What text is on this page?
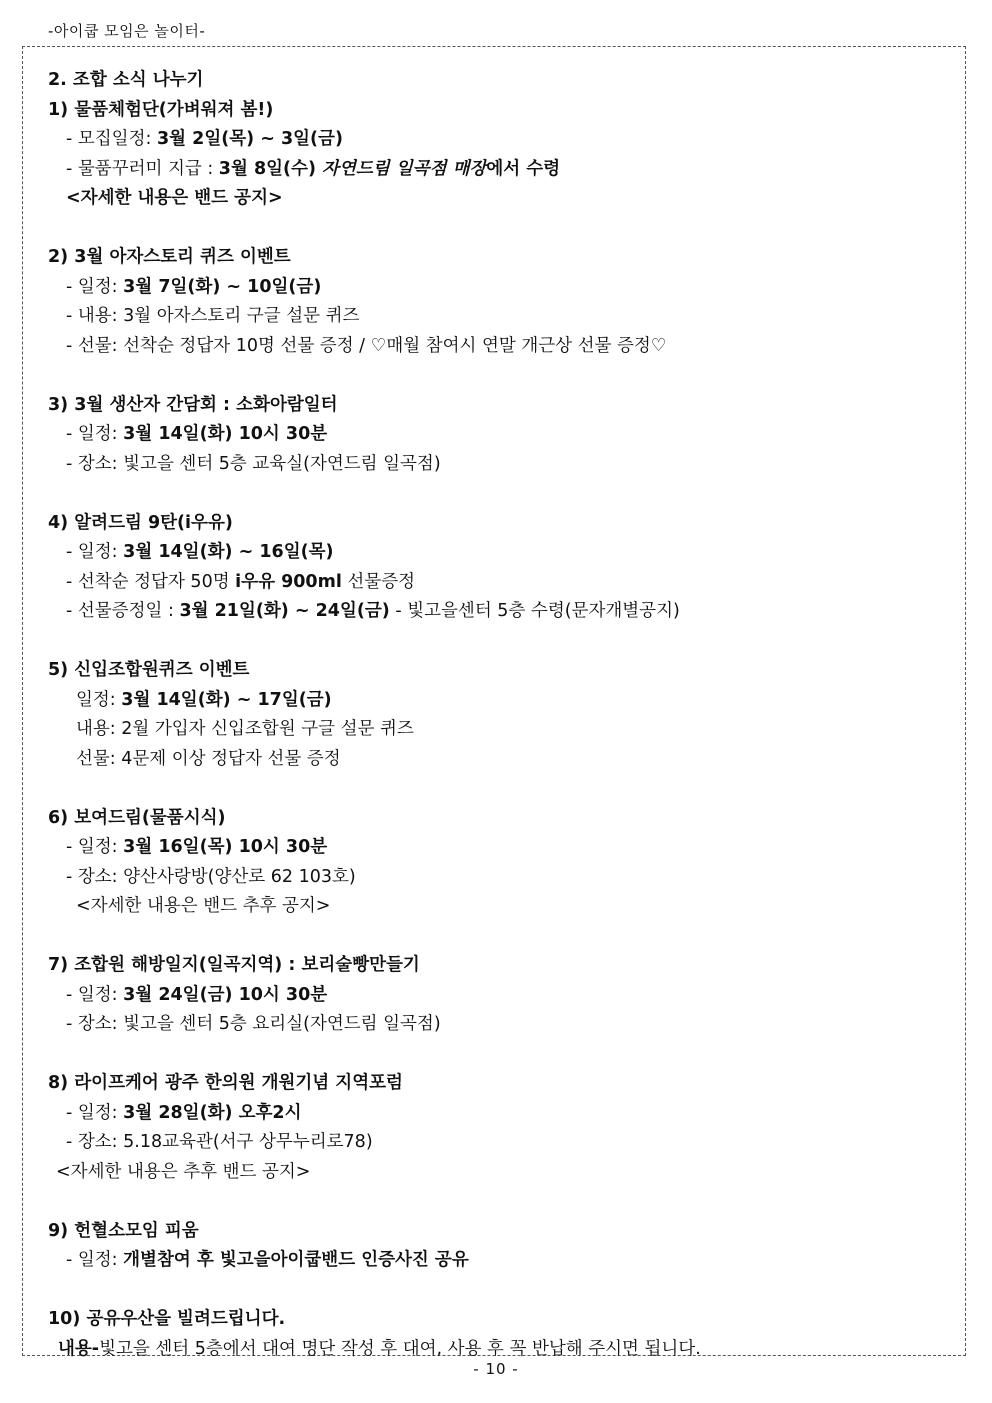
-아이쿱 모임은 놀이터-
2. 조합 소식 나누기
1) 물품체험단(가벼워져 봄!)
- 모집일정: 3월 2일(목) ~ 3일(금)
- 물품꾸러미 지급 : 3월 8일(수) 자연드림 일곡점 매장에서 수령
<자세한 내용은 밴드 공지>
2) 3월 아자스토리 퀴즈 이벤트
- 일정: 3월 7일(화) ~ 10일(금)
- 내용: 3월 아자스토리 구글 설문 퀴즈
- 선물: 선착순 정답자 10명 선물 증정 / ♡매월 참여시 연말 개근상 선물 증정♡
3) 3월 생산자 간담회 : 소화아람일터
- 일정: 3월 14일(화) 10시 30분
- 장소: 빛고을 센터 5층 교육실(자연드림 일곡점)
4) 알려드림 9탄(i우유)
- 일정: 3월 14일(화) ~ 16일(목)
- 선착순 정답자 50명 i우유 900ml 선물증정
- 선물증정일 : 3월 21일(화) ~ 24일(금) - 빛고을센터 5층 수령(문자개별공지)
5) 신입조합원퀴즈 이벤트
일정: 3월 14일(화) ~ 17일(금)
내용: 2월 가입자 신입조합원 구글 설문 퀴즈
선물: 4문제 이상 정답자 선물 증정
6) 보여드림(물품시식)
- 일정: 3월 16일(목) 10시 30분
- 장소: 양산사랑방(양산로 62 103호)
<자세한 내용은 밴드 추후 공지>
7) 조합원 해방일지(일곡지역) : 보리술빵만들기
- 일정: 3월 24일(금) 10시 30분
- 장소: 빛고을 센터 5층 요리실(자연드림 일곡점)
8) 라이프케어 광주 한의원 개원기념 지역포럼
- 일정: 3월 28일(화) 오후2시
- 장소: 5.18교육관(서구 상무누리로78)
<자세한 내용은 추후 밴드 공지>
9) 헌혈소모임 피움
- 일정: 개별참여 후 빛고을아이쿱밴드 인증사진 공유
10) 공유우산을 빌려드립니다.
내용-빛고을 센터 5층에서 대여 명단 작성 후 대여, 사용 후 꼭 반납해 주시면 됩니다.
- 10 -
